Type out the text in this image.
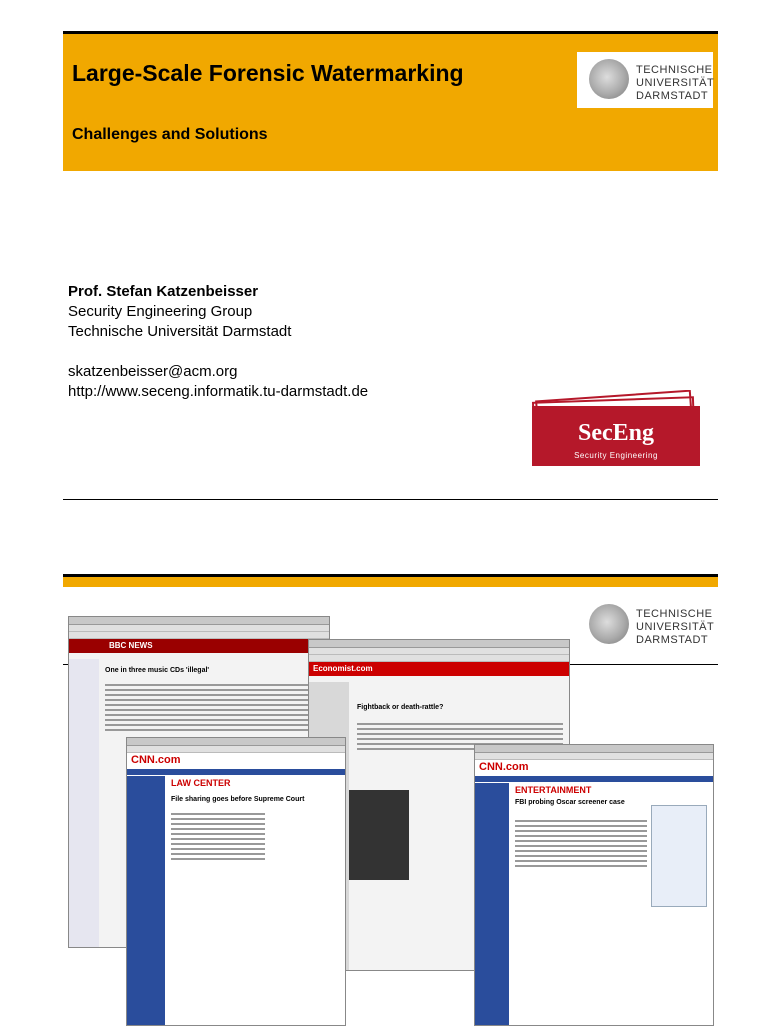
Large-Scale Forensic Watermarking
Challenges and Solutions
TECHNISCHE
UNIVERSITÄT
DARMSTADT
Prof. Stefan Katzenbeisser
Security Engineering Group
Technische Universität Darmstadt
skatzenbeisser@acm.org
http://www.seceng.informatik.tu-darmstadt.de
SecEng
Security Engineering
TECHNISCHE
UNIVERSITÄT
DARMSTADT
BBC NEWS
One in three music CDs 'illegal'	Economist.com
Fightback or death-rattle?
CNN.com
LAW CENTER
File sharing goes before Supreme Court
CNN.com
ENTERTAINMENT
FBI probing Oscar screener case
